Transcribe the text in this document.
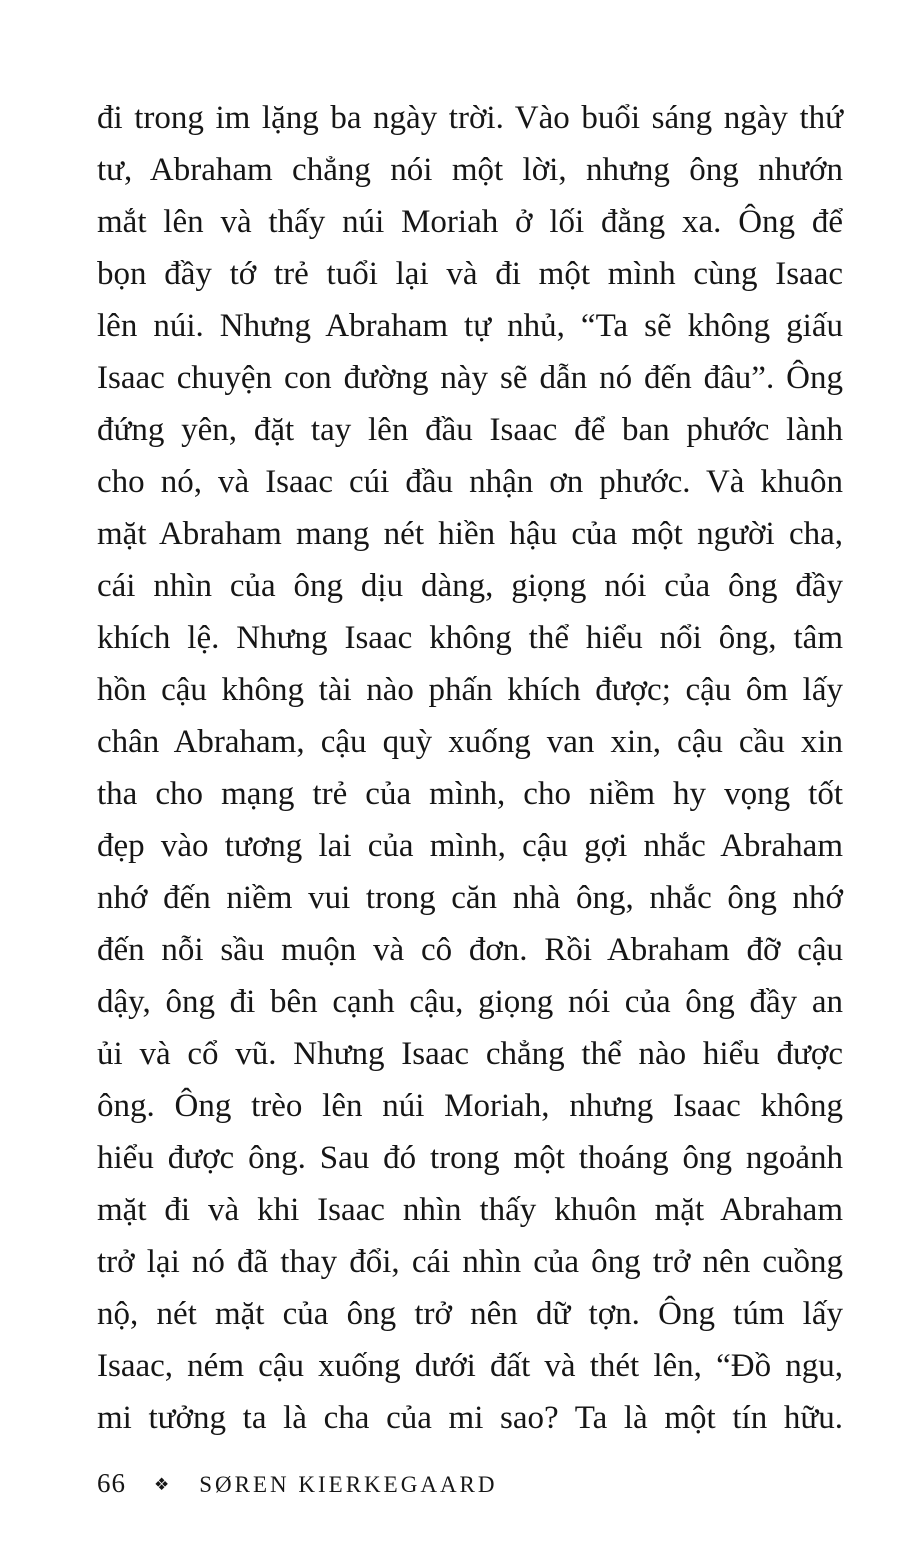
đi trong im lặng ba ngày trời. Vào buổi sáng ngày thứ
tư, Abraham chẳng nói một lời, nhưng ông nhướn
mắt lên và thấy núi Moriah ở lối đằng xa. Ông để
bọn đầy tớ trẻ tuổi lại và đi một mình cùng Isaac
lên núi. Nhưng Abraham tự nhủ, “Ta sẽ không giấu
Isaac chuyện con đường này sẽ dẫn nó đến đâu”. Ông
đứng yên, đặt tay lên đầu Isaac để ban phước lành
cho nó, và Isaac cúi đầu nhận ơn phước. Và khuôn
mặt Abraham mang nét hiền hậu của một người cha,
cái nhìn của ông dịu dàng, giọng nói của ông đầy
khích lệ. Nhưng Isaac không thể hiểu nổi ông, tâm
hồn cậu không tài nào phấn khích được; cậu ôm lấy
chân Abraham, cậu quỳ xuống van xin, cậu cầu xin
tha cho mạng trẻ của mình, cho niềm hy vọng tốt
đẹp vào tương lai của mình, cậu gợi nhắc Abraham
nhớ đến niềm vui trong căn nhà ông, nhắc ông nhớ
đến nỗi sầu muộn và cô đơn. Rồi Abraham đỡ cậu
dậy, ông đi bên cạnh cậu, giọng nói của ông đầy an
ủi và cổ vũ. Nhưng Isaac chẳng thể nào hiểu được
ông. Ông trèo lên núi Moriah, nhưng Isaac không
hiểu được ông. Sau đó trong một thoáng ông ngoảnh
mặt đi và khi Isaac nhìn thấy khuôn mặt Abraham
trở lại nó đã thay đổi, cái nhìn của ông trở nên cuồng
nộ, nét mặt của ông trở nên dữ tợn. Ông túm lấy
Isaac, ném cậu xuống dưới đất và thét lên, “Đồ ngu,
mi tưởng ta là cha của mi sao? Ta là một tín hữu.
66 ❖ SØREN KIERKEGAARD
